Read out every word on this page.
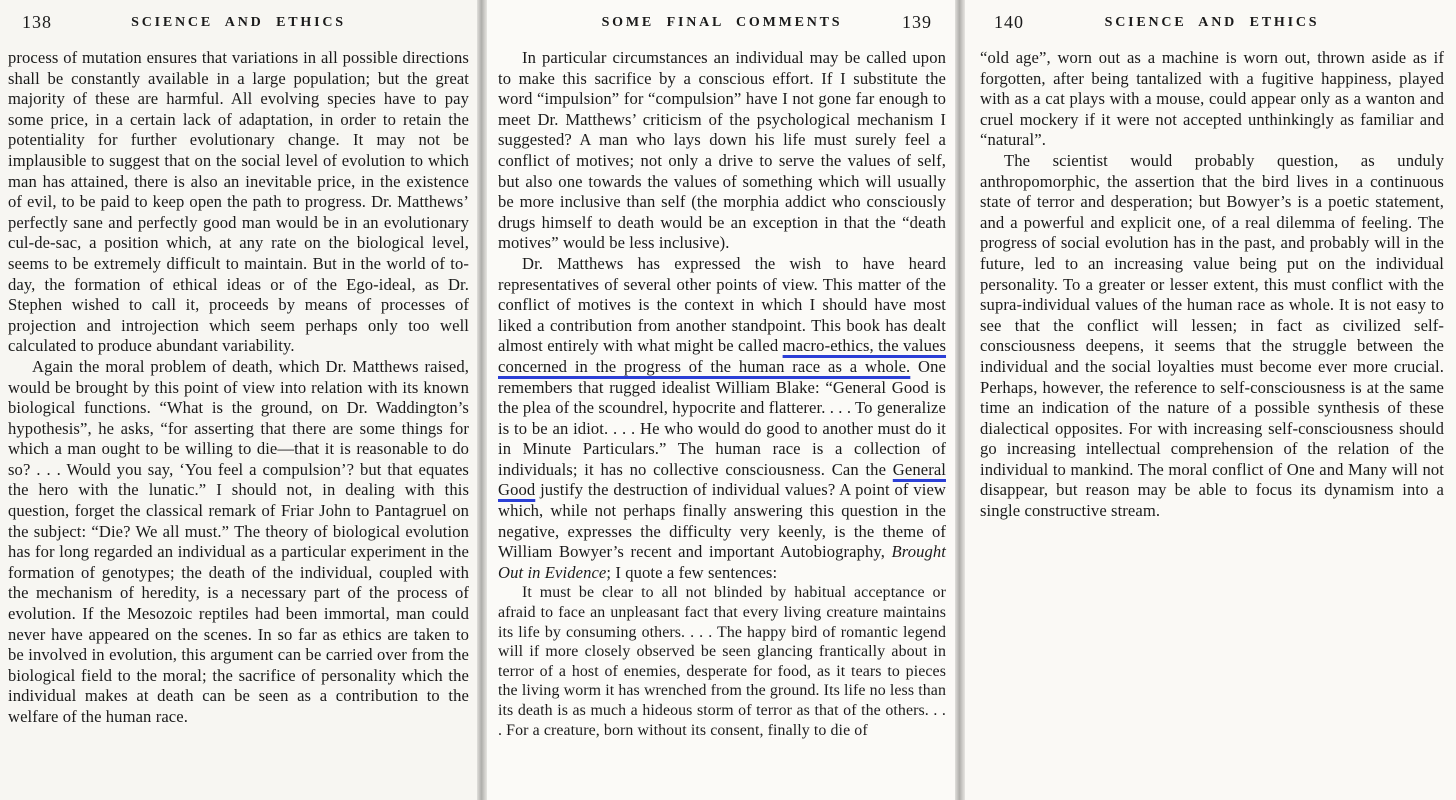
138	SCIENCE AND ETHICS

process of mutation ensures that variations in all possible directions shall be constantly available in a large population; but the great majority of these are harmful. All evolving species have to pay some price, in a certain lack of adaptation, in order to retain the potentiality for further evolutionary change. It may not be implausible to suggest that on the social level of evolution to which man has attained, there is also an inevitable price, in the existence of evil, to be paid to keep open the path to progress. Dr. Matthews’ perfectly sane and perfectly good man would be in an evolutionary cul-de-sac, a position which, at any rate on the biological level, seems to be extremely difficult to maintain. But in the world of to-day, the formation of ethical ideas or of the Ego-ideal, as Dr. Stephen wished to call it, proceeds by means of processes of projection and introjection which seem perhaps only too well calculated to produce abundant variability.

Again the moral problem of death, which Dr. Matthews raised, would be brought by this point of view into relation with its known biological functions. “What is the ground, on Dr. Waddington’s hypothesis”, he asks, “for asserting that there are some things for which a man ought to be willing to die—that it is reasonable to do so? . . . Would you say, ‘You feel a compulsion’? but that equates the hero with the lunatic.” I should not, in dealing with this question, forget the classical remark of Friar John to Pantagruel on the subject: “Die? We all must.” The theory of biological evolution has for long regarded an individual as a particular experiment in the formation of genotypes; the death of the individual, coupled with the mechanism of heredity, is a necessary part of the process of evolution. If the Mesozoic reptiles had been immortal, man could never have appeared on the scenes. In so far as ethics are taken to be involved in evolution, this argument can be carried over from the biological field to the moral; the sacrifice of personality which the individual makes at death can be seen as a contribution to the welfare of the human race.

139
SOME FINAL COMMENTS

In particular circumstances an individual may be called upon to make this sacrifice by a conscious effort. If I substitute the word “impulsion” for “compulsion” have I not gone far enough to meet Dr. Matthews’ criticism of the psychological mechanism I suggested? A man who lays down his life must surely feel a conflict of motives; not only a drive to serve the values of self, but also one towards the values of something which will usually be more inclusive than self (the morphia addict who consciously drugs himself to death would be an exception in that the “death motives” would be less inclusive).

Dr. Matthews has expressed the wish to have heard representatives of several other points of view. This matter of the conflict of motives is the context in which I should have most liked a contribution from another standpoint. This book has dealt almost entirely with what might be called macro-ethics, the values concerned in the progress of the human race as a whole. One remembers that rugged idealist William Blake: “General Good is the plea of the scoundrel, hypocrite and flatterer. . . . To generalize is to be an idiot. . . . He who would do good to another must do it in Minute Particulars.” The human race is a collection of individuals; it has no collective consciousness. Can the General Good justify the destruction of individual values? A point of view which, while not perhaps finally answering this question in the negative, expresses the difficulty very keenly, is the theme of William Bowyer’s recent and important Autobiography, Brought Out in Evidence; I quote a few sentences:

It must be clear to all not blinded by habitual acceptance or afraid to face an unpleasant fact that every living creature maintains its life by consuming others. . . . The happy bird of romantic legend will if more closely observed be seen glancing frantically about in terror of a host of enemies, desperate for food, as it tears to pieces the living worm it has wrenched from the ground. Its life no less than its death is as much a hideous storm of terror as that of the others. . . . For a creature, born without its consent, finally to die of

140	SCIENCE AND ETHICS

“old age”, worn out as a machine is worn out, thrown aside as if forgotten, after being tantalized with a fugitive happiness, played with as a cat plays with a mouse, could appear only as a wanton and cruel mockery if it were not accepted unthinkingly as familiar and “natural”.

The scientist would probably question, as unduly anthropomorphic, the assertion that the bird lives in a continuous state of terror and desperation; but Bowyer’s is a poetic statement, and a powerful and explicit one, of a real dilemma of feeling. The progress of social evolution has in the past, and probably will in the future, led to an increasing value being put on the individual personality. To a greater or lesser extent, this must conflict with the supra-individual values of the human race as whole. It is not easy to see that the conflict will lessen; in fact as civilized self-consciousness deepens, it seems that the struggle between the individual and the social loyalties must become ever more crucial. Perhaps, however, the reference to self-consciousness is at the same time an indication of the nature of a possible synthesis of these dialectical opposites. For with increasing self-consciousness should go increasing intellectual comprehension of the relation of the individual to mankind. The moral conflict of One and Many will not disappear, but reason may be able to focus its dynamism into a single constructive stream.
